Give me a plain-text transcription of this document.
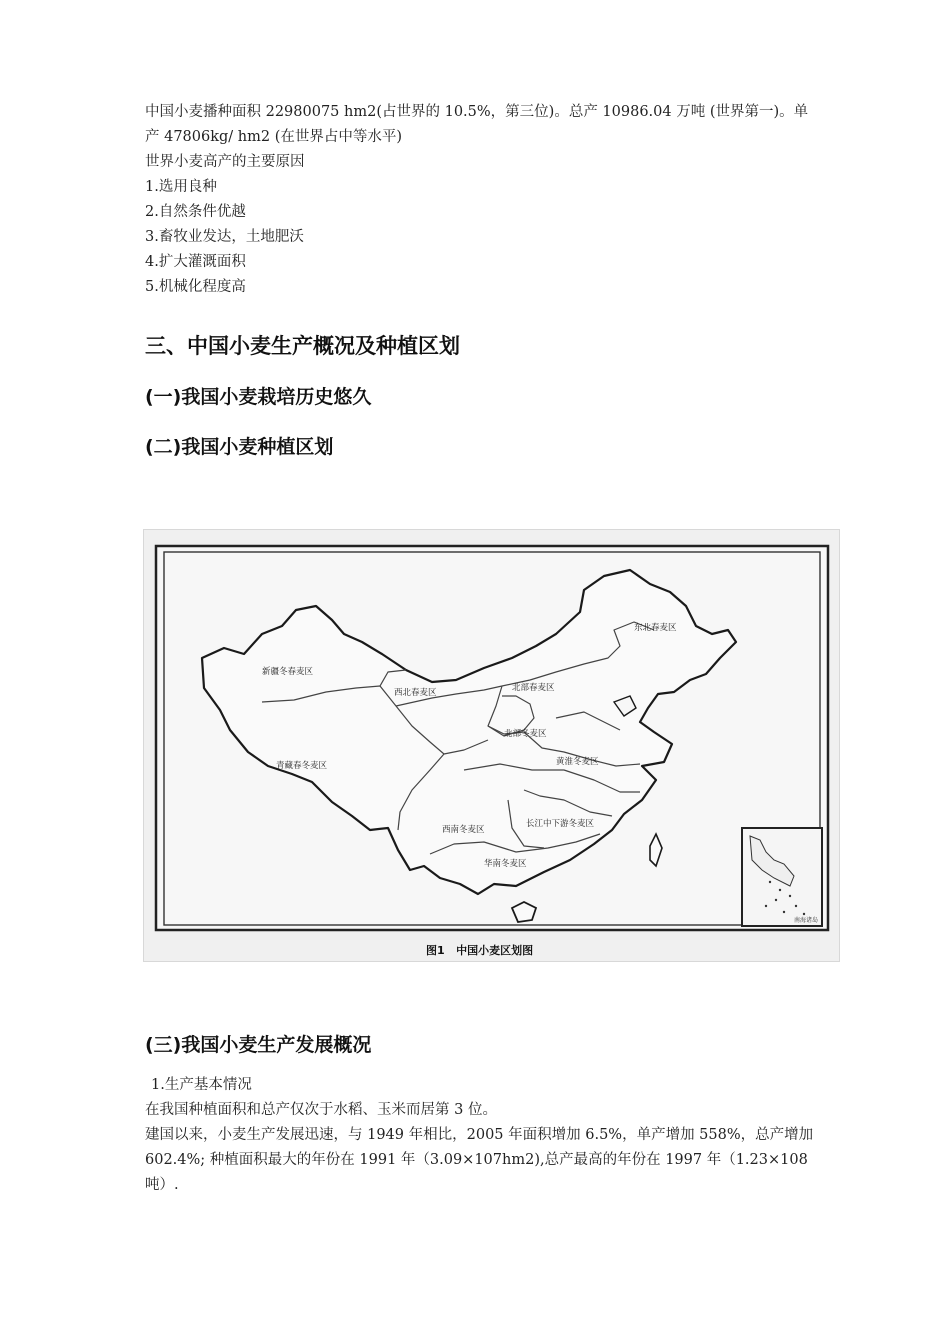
中国小麦播种面积 22980075 hm2(占世界的 10.5%，第三位)。总产 10986.04 万吨 (世界第一)。单产 47806kg/ hm2 (在世界占中等水平)

世界小麦高产的主要原因

1.选用良种

2.自然条件优越

3.畜牧业发达，土地肥沃

4.扩大灌溉面积

5.机械化程度高

三、中国小麦生产概况及种植区划
(一)我国小麦栽培历史悠久
(二)我国小麦种植区划
南海诸岛
东北春麦区
新疆冬春麦区
西北春麦区	北部春麦区
北部冬麦区
黄淮冬麦区
青藏春冬麦区
西南冬麦区
长江中下游冬麦区
华南冬麦区
图1   中国小麦区划图
(三)我国小麦生产发展概况

1.生产基本情况

在我国种植面积和总产仅次于水稻、玉米而居第 3 位。

建国以来，小麦生产发展迅速，与 1949 年相比，2005 年面积增加 6.5%，单产增加 558%，总产增加 602.4%; 种植面积最大的年份在 1991 年（3.09×107hm2),总产最高的年份在 1997 年（1.23×108 吨）.
